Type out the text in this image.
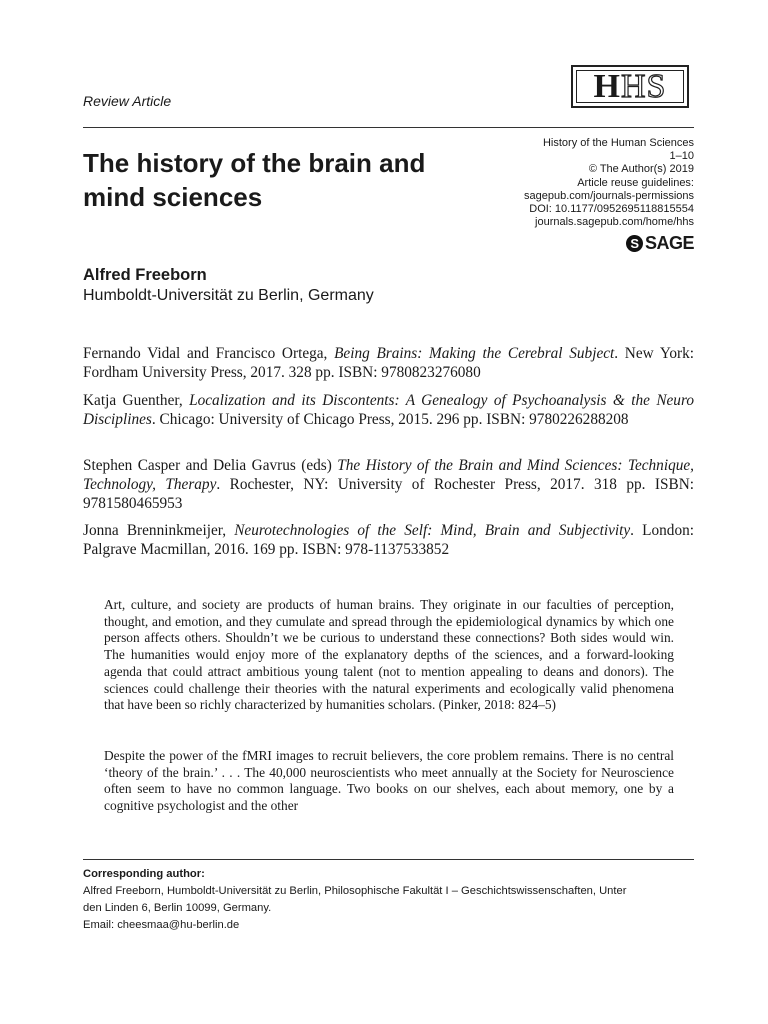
Review Article	H HS
The history of the brain and mind sciences
History of the Human Sciences
1–10
© The Author(s) 2019
Article reuse guidelines:
sagepub.com/journals-permissions
DOI: 10.1177/0952695118815554
journals.sagepub.com/home/hhs
S SAGE
Alfred Freeborn
Humboldt-Universität zu Berlin, Germany

Fernando Vidal and Francisco Ortega, Being Brains: Making the Cerebral Subject. New York: Fordham University Press, 2017. 328 pp. ISBN: 9780823276080

Katja Guenther, Localization and its Discontents: A Genealogy of Psychoanalysis & the Neuro Disciplines. Chicago: University of Chicago Press, 2015. 296 pp. ISBN: 9780226288208

Stephen Casper and Delia Gavrus (eds) The History of the Brain and Mind Sciences: Technique, Technology, Therapy. Rochester, NY: University of Rochester Press, 2017. 318 pp. ISBN: 9781580465953

Jonna Brenninkmeijer, Neurotechnologies of the Self: Mind, Brain and Subjectivity. London: Palgrave Macmillan, 2016. 169 pp. ISBN: 978-1137533852

Art, culture, and society are products of human brains. They originate in our faculties of perception, thought, and emotion, and they cumulate and spread through the epidemiological dynamics by which one person affects others. Shouldn’t we be curious to understand these connections? Both sides would win. The humanities would enjoy more of the explanatory depths of the sciences, and a forward-looking agenda that could attract ambitious young talent (not to mention appealing to deans and donors). The sciences could challenge their theories with the natural experiments and ecologically valid phenomena that have been so richly characterized by humanities scholars. (Pinker, 2018: 824–5)

Despite the power of the fMRI images to recruit believers, the core problem remains. There is no central ‘theory of the brain.’ . . . The 40,000 neuroscientists who meet annually at the Society for Neuroscience often seem to have no common language. Two books on our shelves, each about memory, one by a cognitive psychologist and the other

Corresponding author:
Alfred Freeborn, Humboldt-Universität zu Berlin, Philosophische Fakultät I – Geschichtswissenschaften, Unter
den Linden 6, Berlin 10099, Germany.
Email: cheesmaa@hu-berlin.de
